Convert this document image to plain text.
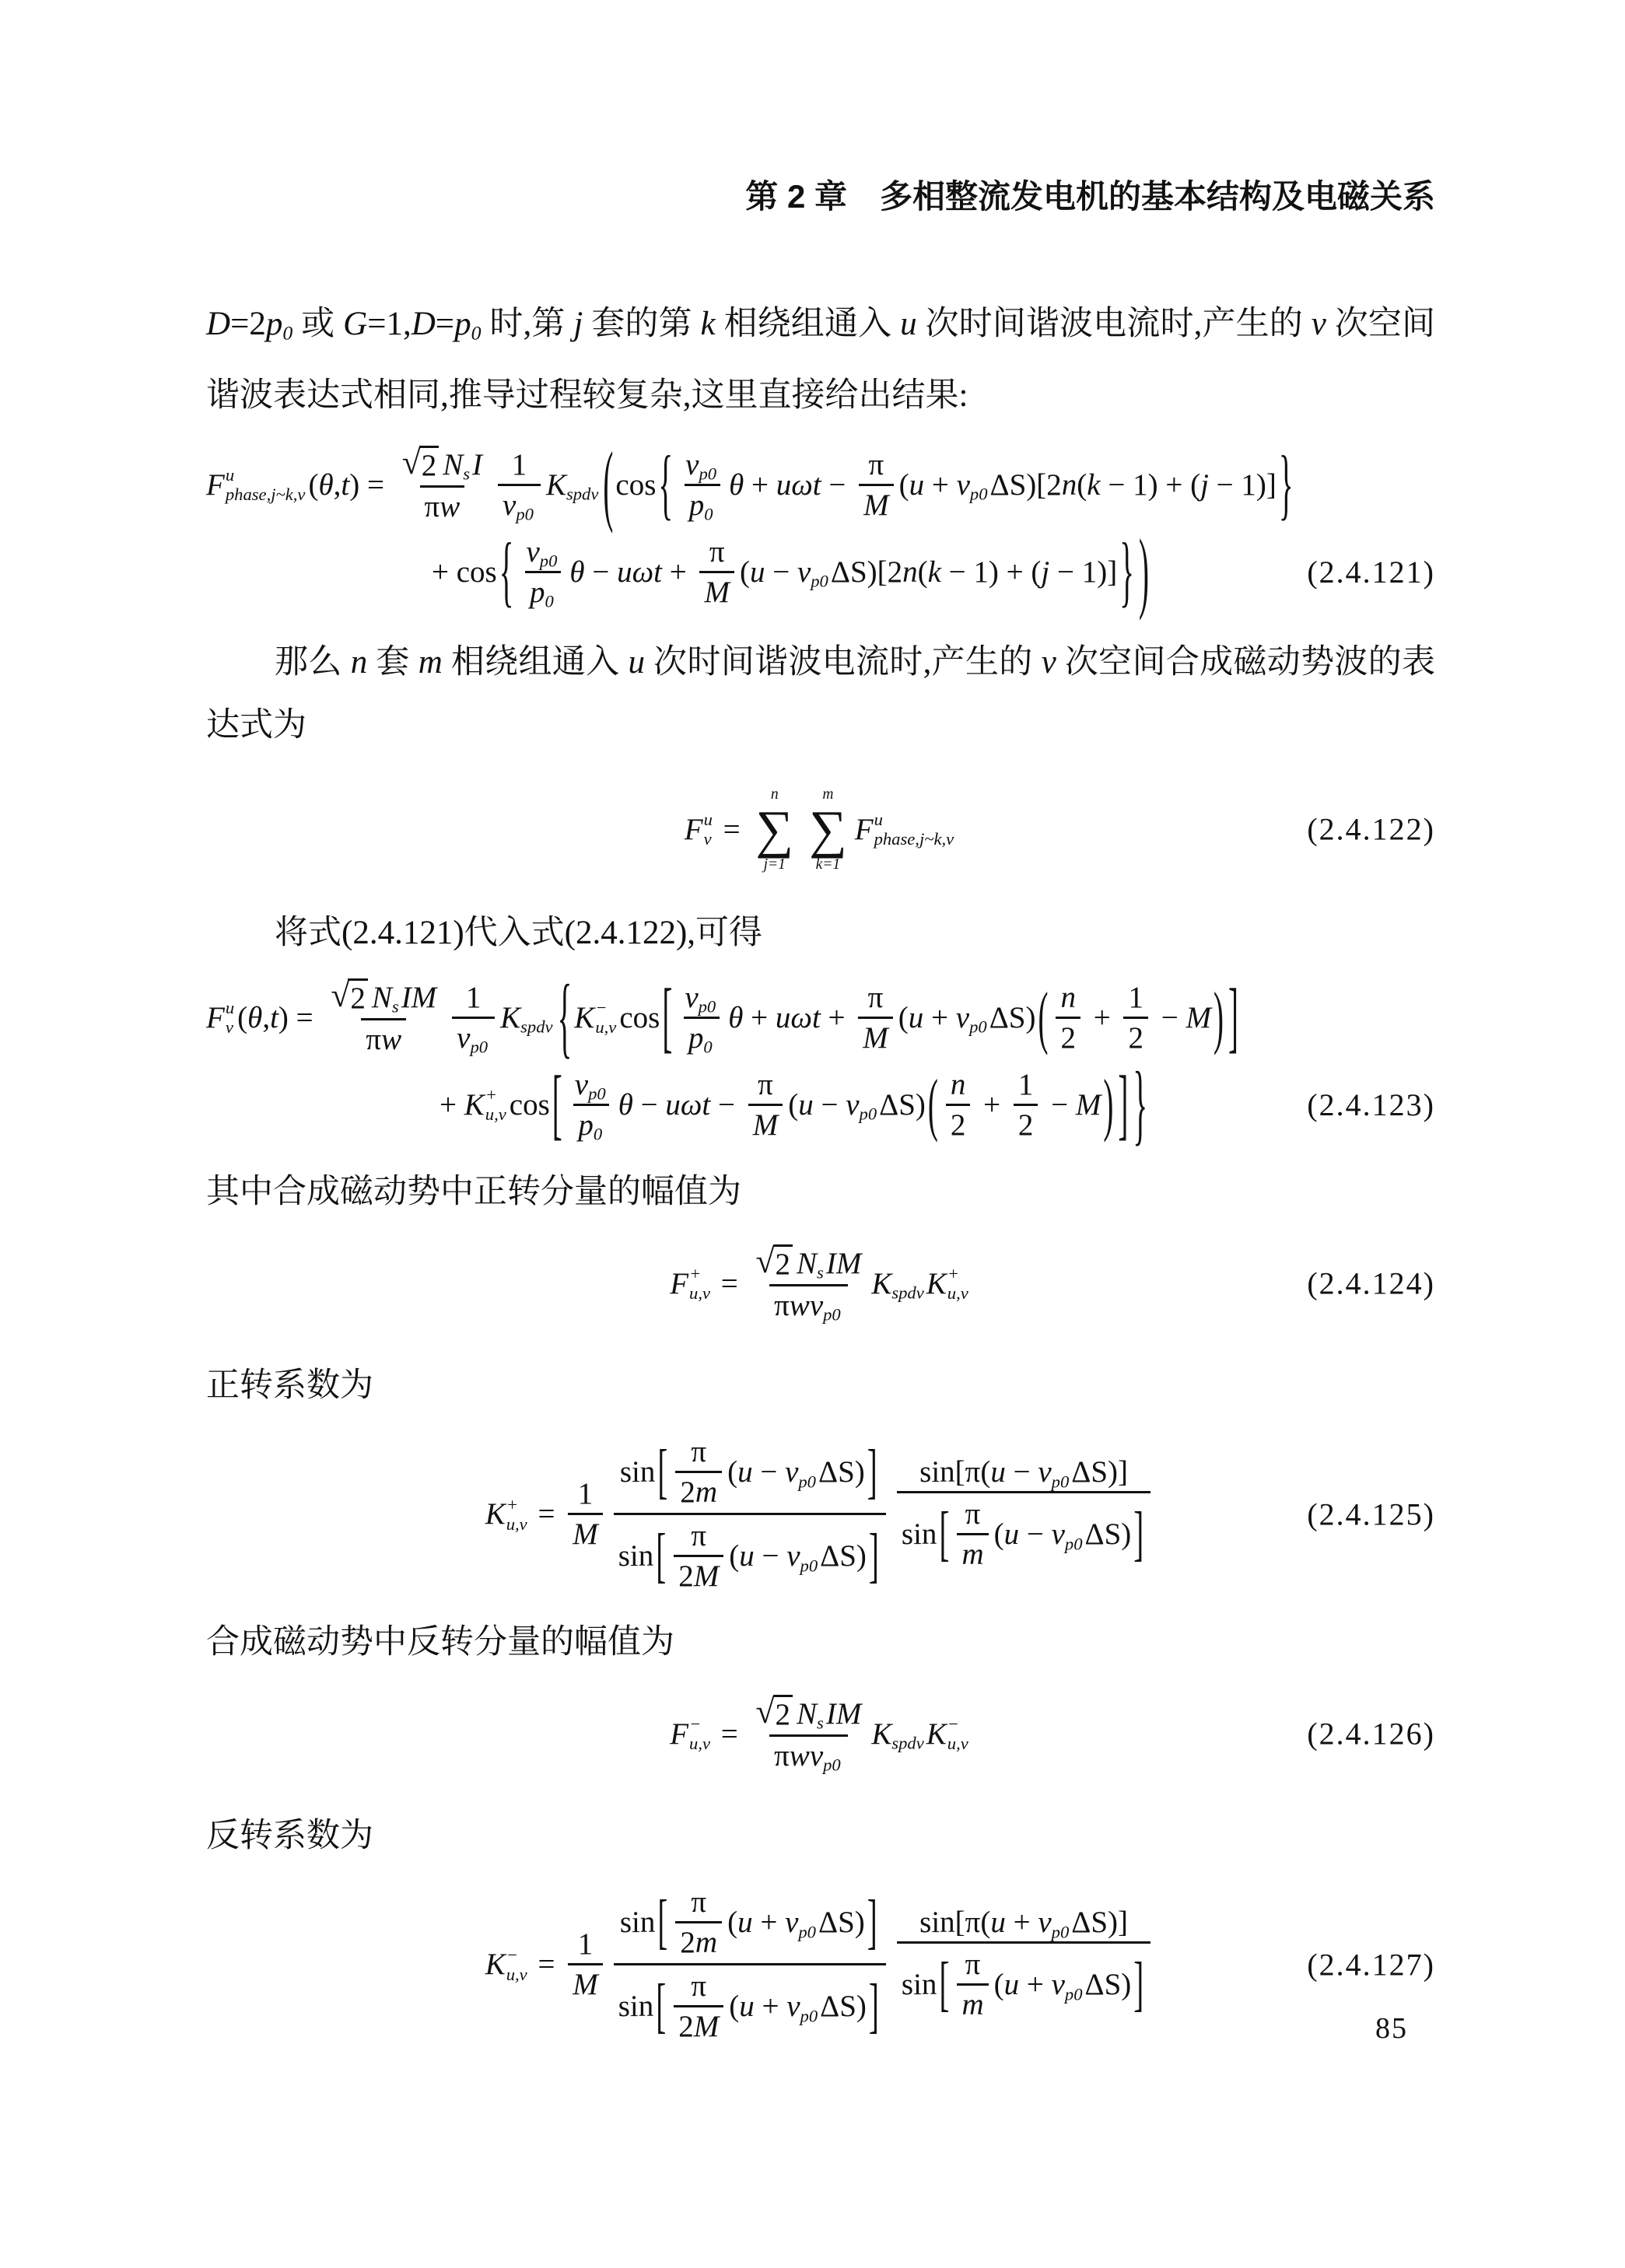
第 2 章 多相整流发电机的基本结构及电磁关系
D=2p0 或 G=1,D=p0 时,第 j 套的第 k 相绕组通入 u 次时间谐波电流时,产生的 v 次空间谐波表达式相同,推导过程较复杂,这里直接给出结果:
F u
phase,j~k,v ( θ , t ) =
√ 2 N s I
π w $\frac{1}{\text{v p0}}$ K spdv ( cos { $\frac{\text{v p0}}{p 0}$ $\theta + u\omega t - \frac{\pi}{M}$ ( u + v p0 ΔS)[2 n ( k − 1) + ( j − 1)] }
+ cos { $\frac{\text{v p0}}{p 0}$ $\theta - u\omega t + \frac{\pi}{M}$ ( u − v p0 ΔS)[2 n ( k − 1) + ( j − 1)] } )	(2.4.121)
那么 n 套 m 相绕组通入 u 次时间谐波电流时,产生的 v 次空间合成磁动势波的表达式为
F u
v =
n
∑
j=1
m
∑
k=1
F u
phase,j~k,v	(2.4.122)
将式(2.4.121)代入式(2.4.122),可得
F u
v ( θ , t ) =
√ 2 N s IM
π w $\frac{1}{\text{v p0}}$ K spdv { K −
u,v cos [ $\frac{\text{v p0}}{p 0}$ $\theta + u\omega t + \frac{\pi}{M}$ ( u + v p0 ΔS) ( $\frac{n}{2} + \frac{1}{2} - M$ ) ]
+ K +
u,v cos [ $\frac{\text{v p0}}{p 0}$ $\theta - u\omega t - \frac{\pi}{M}$ ( u − v p0 ΔS) ( $\frac{n}{2} + \frac{1}{2} - M$ ) ] }	(2.4.123)
其中合成磁动势中正转分量的幅值为
F +
u,v =
√ 2 N s IM
π w v p0
K spdv K +
u,v	(2.4.124)
正转系数为
K +
$u,v = \frac{1}{M} \frac{\sin [ \frac{\pi}{2 m} ( u - v p0 \Delta S) ]}{\sin [ \frac{\pi}{2 M} ( u - v p0 \Delta S) ]} \frac{\text{sin[π( u − v p0 ΔS)]}}{\sin [ \frac{\pi}{m} ( u - v p0 \Delta S) ]}$	(2.4.125)
合成磁动势中反转分量的幅值为
F −
u,v =
√ 2 N s IM
π w v p0
K spdv K −
u,v	(2.4.126)
反转系数为
K −
$u,v = \frac{1}{M} \frac{\sin [ \frac{\pi}{2 m} ( u + v p0 \Delta S) ]}{\sin [ \frac{\pi}{2 M} ( u + v p0 \Delta S) ]} \frac{\text{sin[π( u + v p0 ΔS)]}}{\sin [ \frac{\pi}{m} ( u + v p0 \Delta S) ]}$	(2.4.127)
85
